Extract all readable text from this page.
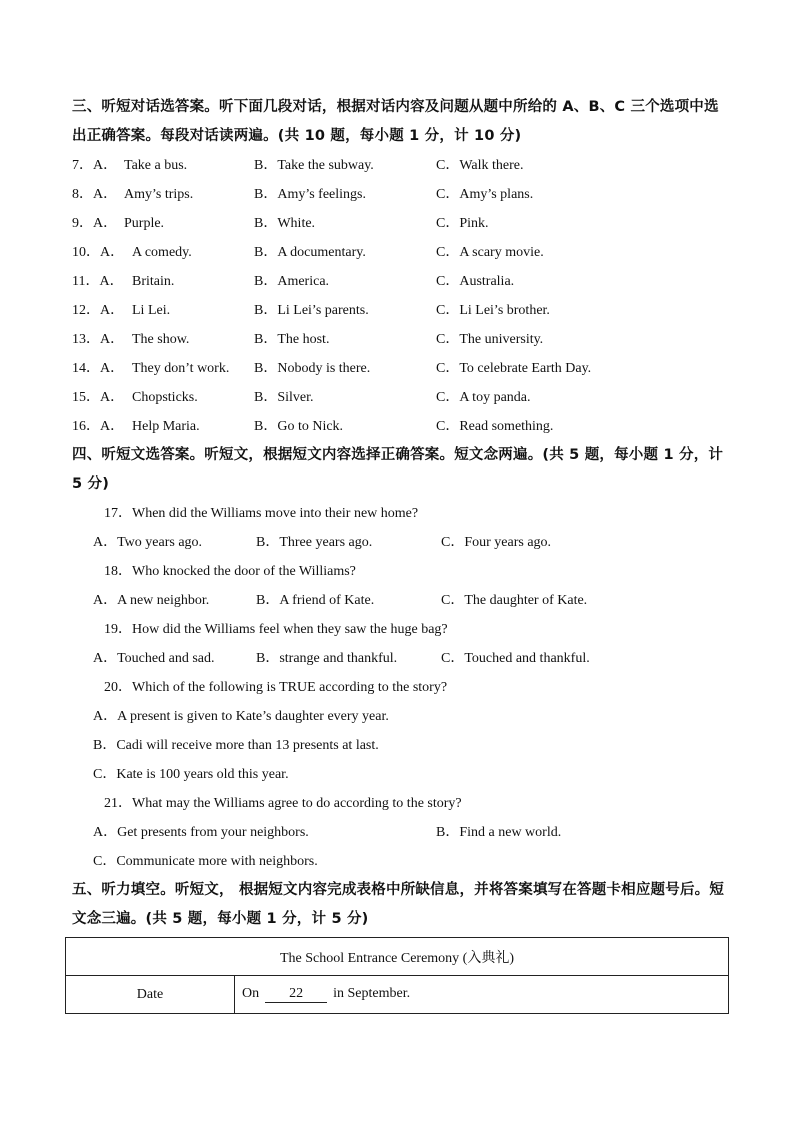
三、听短对话选答案。听下面几段对话，根据对话内容及问题从题中所给的 A、B、C 三个选项中选出正确答案。每段对话读两遍。(共 10 题，每小题 1 分，计 10 分)
7．A． Take a bus.	B．Take the subway.	C．Walk there.
8．A． Amy’s trips.	B．Amy’s feelings.	C．Amy’s plans.
9．A． Purple.	B．White.	C．Pink.
10．A． A comedy.	B．A documentary.	C．A scary movie.
11．A． Britain.	B．America.	C．Australia.
12．A． Li Lei.	B．Li Lei’s parents.	C．Li Lei’s brother.
13．A． The show.	B．The host.	C．The university.
14．A． They don’t work. B．Nobody is there.	C．To celebrate Earth Day.
15．A． Chopsticks.	B．Silver.	C．A toy panda.
16．A． Help Maria.	B．Go to Nick.	C．Read something.
四、听短文选答案。听短文，根据短文内容选择正确答案。短文念两遍。(共 5 题，每小题 1 分，计 5 分)
17．When did the Williams move into their new home?
A．Two years ago.	B．Three years ago.	C．Four years ago.
18．Who knocked the door of the Williams?
A．A new neighbor.	B．A friend of Kate.	C．The daughter of Kate.
19．How did the Williams feel when they saw the huge bag?
A．Touched and sad.	B．strange and thankful.	C．Touched and thankful.
20．Which of the following is TRUE according to the story?
A．A present is given to Kate’s daughter every year.
B．Cadi will receive more than 13 presents at last.
C．Kate is 100 years old this year.
21．What may the Williams agree to do according to the story?
A．Get presents from your neighbors.	B．Find a new world.
C．Communicate more with neighbors.
五、听力填空。听短文， 根据短文内容完成表格中所缺信息，并将答案填写在答题卡相应题号后。短文念三遍。(共 5 题，每小题 1 分，计 5 分)
The School Entrance Ceremony (入典礼)
Date	On 22 in September.
